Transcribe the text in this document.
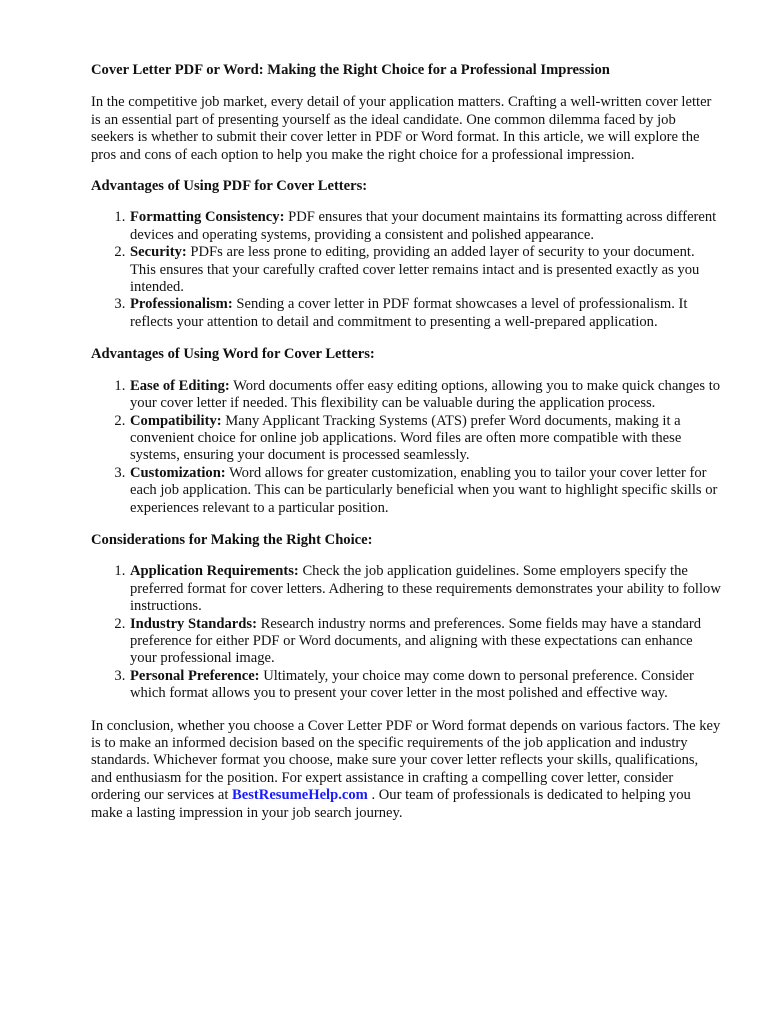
Cover Letter PDF or Word: Making the Right Choice for a Professional Impression

In the competitive job market, every detail of your application matters. Crafting a well-written cover letter is an essential part of presenting yourself as the ideal candidate. One common dilemma faced by job seekers is whether to submit their cover letter in PDF or Word format. In this article, we will explore the pros and cons of each option to help you make the right choice for a professional impression.

Advantages of Using PDF for Cover Letters:
1. Formatting Consistency: PDF ensures that your document maintains its formatting across different devices and operating systems, providing a consistent and polished appearance.
2. Security: PDFs are less prone to editing, providing an added layer of security to your document. This ensures that your carefully crafted cover letter remains intact and is presented exactly as you intended.
3. Professionalism: Sending a cover letter in PDF format showcases a level of professionalism. It reflects your attention to detail and commitment to presenting a well-prepared application.
Advantages of Using Word for Cover Letters:
1. Ease of Editing: Word documents offer easy editing options, allowing you to make quick changes to your cover letter if needed. This flexibility can be valuable during the application process.
2. Compatibility: Many Applicant Tracking Systems (ATS) prefer Word documents, making it a convenient choice for online job applications. Word files are often more compatible with these systems, ensuring your document is processed seamlessly.
3. Customization: Word allows for greater customization, enabling you to tailor your cover letter for each job application. This can be particularly beneficial when you want to highlight specific skills or experiences relevant to a particular position.
Considerations for Making the Right Choice:
1. Application Requirements: Check the job application guidelines. Some employers specify the preferred format for cover letters. Adhering to these requirements demonstrates your ability to follow instructions.
2. Industry Standards: Research industry norms and preferences. Some fields may have a standard preference for either PDF or Word documents, and aligning with these expectations can enhance your professional image.
3. Personal Preference: Ultimately, your choice may come down to personal preference. Consider which format allows you to present your cover letter in the most polished and effective way.

In conclusion, whether you choose a Cover Letter PDF or Word format depends on various factors. The key is to make an informed decision based on the specific requirements of the job application and industry standards. Whichever format you choose, make sure your cover letter reflects your skills, qualifications, and enthusiasm for the position. For expert assistance in crafting a compelling cover letter, consider ordering our services at BestResumeHelp.com . Our team of professionals is dedicated to helping you make a lasting impression in your job search journey.
